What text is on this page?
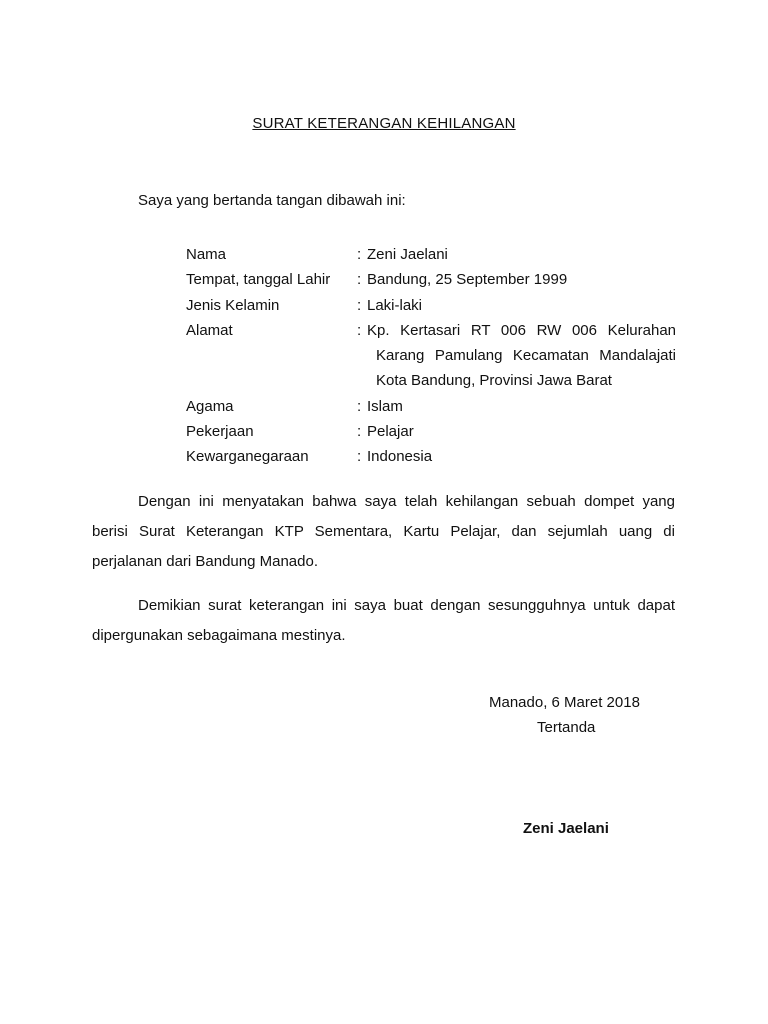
SURAT KETERANGAN KEHILANGAN
Saya yang bertanda tangan dibawah ini:
Nama	: Zeni Jaelani
Tempat, tanggal Lahir	: Bandung, 25 September 1999
Jenis Kelamin	: Laki-laki
Alamat	: Kp. Kertasari RT 006 RW 006 Kelurahan
Karang Pamulang Kecamatan Mandalajati
Kota Bandung, Provinsi Jawa Barat
Agama	: Islam
Pekerjaan	: Pelajar
Kewarganegaraan	: Indonesia
Dengan ini menyatakan bahwa saya telah kehilangan sebuah dompet yang
berisi Surat Keterangan KTP Sementara, Kartu Pelajar, dan sejumlah uang di
perjalanan dari Bandung Manado.
Demikian surat keterangan ini saya buat dengan sesungguhnya untuk dapat
dipergunakan sebagaimana mestinya.
Manado, 6 Maret 2018
Tertanda
Zeni Jaelani
